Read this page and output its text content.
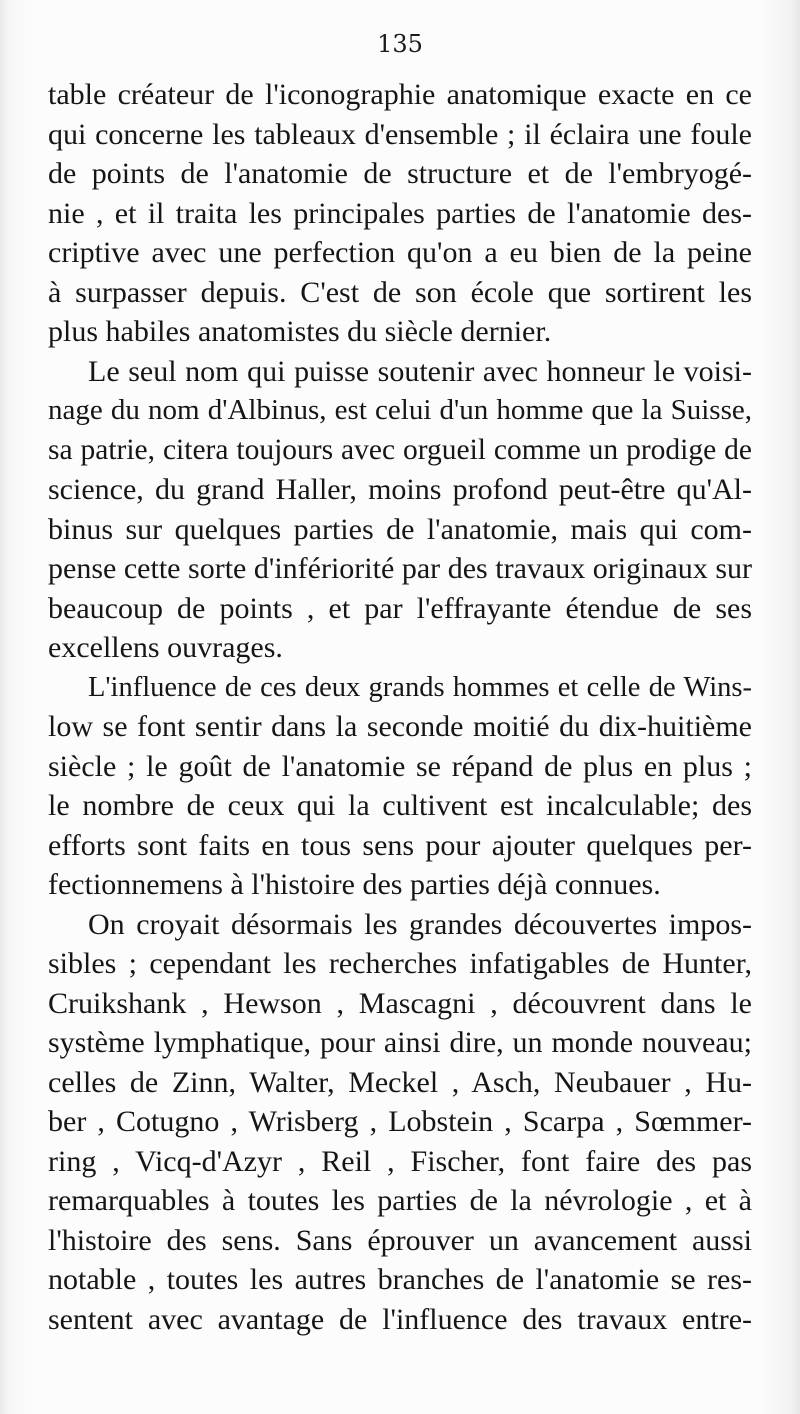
135
table créateur de l'iconographie anatomique exacte en ce
qui concerne les tableaux d'ensemble ; il éclaira une foule
de points de l'anatomie de structure et de l'embryogé-
nie , et il traita les principales parties de l'anatomie des-
criptive avec une perfection qu'on a eu bien de la peine
à surpasser depuis. C'est de son école que sortirent les
plus habiles anatomistes du siècle dernier.
Le seul nom qui puisse soutenir avec honneur le voisi-
nage du nom d'Albinus, est celui d'un homme que la Suisse,
sa patrie, citera toujours avec orgueil comme un prodige de
science, du grand Haller, moins profond peut-être qu'Al-
binus sur quelques parties de l'anatomie, mais qui com-
pense cette sorte d'infériorité par des travaux originaux sur
beaucoup de points , et par l'effrayante étendue de ses
excellens ouvrages.
L'influence de ces deux grands hommes et celle de Wins-
low se font sentir dans la seconde moitié du dix-huitième
siècle ; le goût de l'anatomie se répand de plus en plus ;
le nombre de ceux qui la cultivent est incalculable; des
efforts sont faits en tous sens pour ajouter quelques per-
fectionnemens à l'histoire des parties déjà connues.
On croyait désormais les grandes découvertes impos-
sibles ; cependant les recherches infatigables de Hunter,
Cruikshank , Hewson , Mascagni , découvrent dans le
système lymphatique, pour ainsi dire, un monde nouveau;
celles de Zinn, Walter, Meckel , Asch, Neubauer , Hu-
ber , Cotugno , Wrisberg , Lobstein , Scarpa , Sœmmer-
ring , Vicq-d'Azyr , Reil , Fischer, font faire des pas
remarquables à toutes les parties de la névrologie , et à
l'histoire des sens. Sans éprouver un avancement aussi
notable , toutes les autres branches de l'anatomie se res-
sentent avec avantage de l'influence des travaux entre-
